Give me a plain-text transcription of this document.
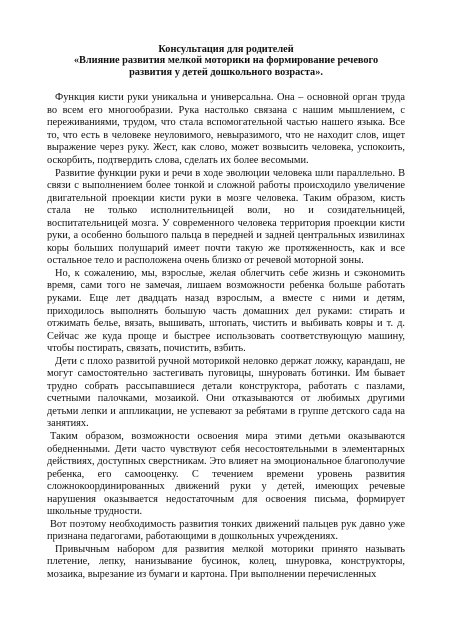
Консультация для родителей
«Влияние развития мелкой моторики на формирование речевого
развития у детей дошкольного возраста».

Функция кисти руки уникальна и универсальна. Она – основной орган труда во всем его многообразии. Рука настолько связана с нашим мышлением, с переживаниями, трудом, что стала вспомогательной частью нашего языка. Все то, что есть в человеке неуловимого, невыразимого, что не находит слов, ищет выражение через руку. Жест, как слово, может возвысить человека, успокоить, оскорбить, подтвердить слова, сделать их более весомыми.

Развитие функции руки и речи в ходе эволюции человека шли параллельно. В связи с выполнением более тонкой и сложной работы происходило увеличение двигательной проекции кисти руки в мозге человека. Таким образом, кисть стала не только исполнительницей воли, но и созидательницей, воспитательницей мозга. У современного человека территория проекции кисти руки, а особенно большого пальца в передней и задней центральных извилинах коры больших полушарий имеет почти такую же протяженность, как и все остальное тело и расположена очень близко от речевой моторной зоны.

Но, к сожалению, мы, взрослые, желая облегчить себе жизнь и сэкономить время, сами того не замечая, лишаем возможности ребенка больше работать руками. Еще лет двадцать назад взрослым, а вместе с ними и детям, приходилось выполнять большую часть домашних дел руками: стирать и отжимать белье, вязать, вышивать, штопать, чистить и выбивать ковры и т. д. Сейчас же куда проще и быстрее использовать соответствующую машину, чтобы постирать, связать, почистить, взбить.

Дети с плохо развитой ручной моторикой неловко держат ложку, карандаш, не могут самостоятельно застегивать пуговицы, шнуровать ботинки. Им бывает трудно собрать рассыпавшиеся детали конструктора, работать с пазлами, счетными палочками, мозаикой. Они отказываются от любимых другими детьми лепки и аппликации, не успевают за ребятами в группе детского сада на занятиях.

Таким образом, возможности освоения мира этими детьми оказываются обедненными. Дети часто чувствуют себя несостоятельными в элементарных действиях, доступных сверстникам. Это влияет на эмоциональное благополучие ребенка, его самооценку. С течением времени уровень развития сложнокоординированных движений руки у детей, имеющих речевые нарушения оказывается недостаточным для освоения письма, формирует школьные трудности.

Вот поэтому необходимость развития тонких движений пальцев рук давно уже признана педагогами, работающими в дошкольных учреждениях.

Привычным набором для развития мелкой моторики принято называть плетение, лепку, нанизывание бусинок, колец, шнуровка, конструкторы, мозаика, вырезание из бумаги и картона. При выполнении перечисленных
